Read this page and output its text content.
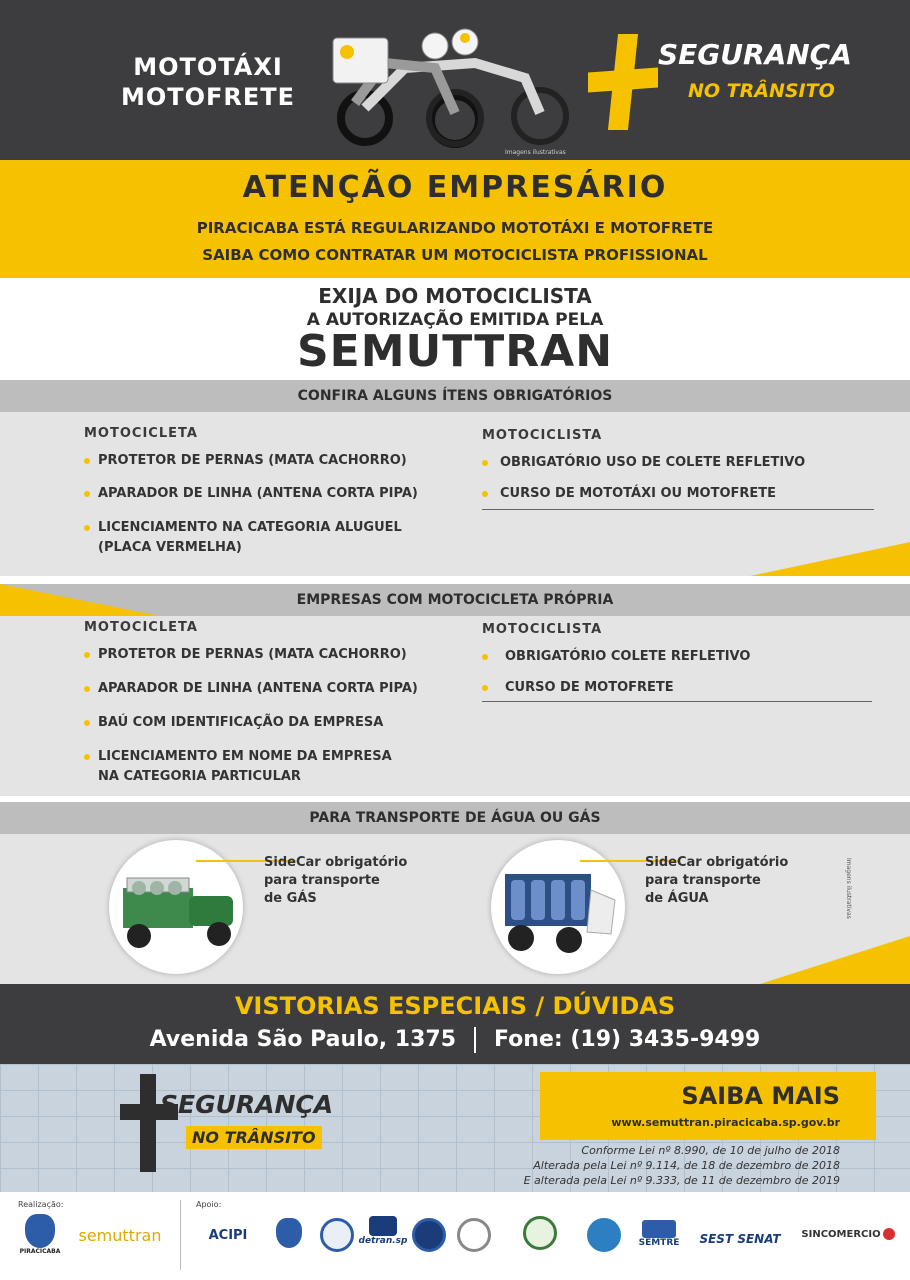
MOTOTÁXI
MOTOFRETE
Imagens ilustrativas
SEGURANÇA
NO TRÂNSITO
ATENÇÃO EMPRESÁRIO
PIRACICABA ESTÁ REGULARIZANDO MOTOTÁXI E MOTOFRETE
SAIBA COMO CONTRATAR UM MOTOCICLISTA PROFISSIONAL
EXIJA DO MOTOCICLISTA
A AUTORIZAÇÃO EMITIDA PELA
SEMUTTRAN
CONFIRA ALGUNS ÍTENS OBRIGATÓRIOS
MOTOCICLETA
PROTETOR DE PERNAS (MATA CACHORRO)
APARADOR DE LINHA (ANTENA CORTA PIPA)
LICENCIAMENTO NA CATEGORIA ALUGUEL
(PLACA VERMELHA)
MOTOCICLISTA
OBRIGATÓRIO USO DE COLETE REFLETIVO
CURSO DE MOTOTÁXI OU MOTOFRETE
EMPRESAS COM MOTOCICLETA PRÓPRIA
MOTOCICLETA
PROTETOR DE PERNAS (MATA CACHORRO)
APARADOR DE LINHA (ANTENA CORTA PIPA)
BAÚ COM IDENTIFICAÇÃO DA EMPRESA
LICENCIAMENTO EM NOME DA EMPRESA
NA CATEGORIA PARTICULAR
MOTOCICLISTA
OBRIGATÓRIO COLETE REFLETIVO
CURSO DE MOTOFRETE
PARA TRANSPORTE DE ÁGUA OU GÁS
SideCar obrigatório
para transporte
de GÁS
SideCar obrigatório
para transporte
de ÁGUA	Imagens ilustrativas
VISTORIAS ESPECIAIS / DÚVIDAS
Avenida São Paulo, 1375 Fone: (19) 3435-9499
SEGURANÇA
NO TRÂNSITO
SAIBA MAIS
www.semuttran.piracicaba.sp.gov.br
Conforme Lei nº 8.990, de 10 de julho de 2018
Alterada pela Lei nº 9.114, de 18 de dezembro de 2018
E alterada pela Lei nº 9.333, de 11 de dezembro de 2019
Realização:	Apoio:
PIRACICABA
semuttran	ACIPI	detran.sp	SEMTRE	SEST SENAT	SINCOMERCIO
